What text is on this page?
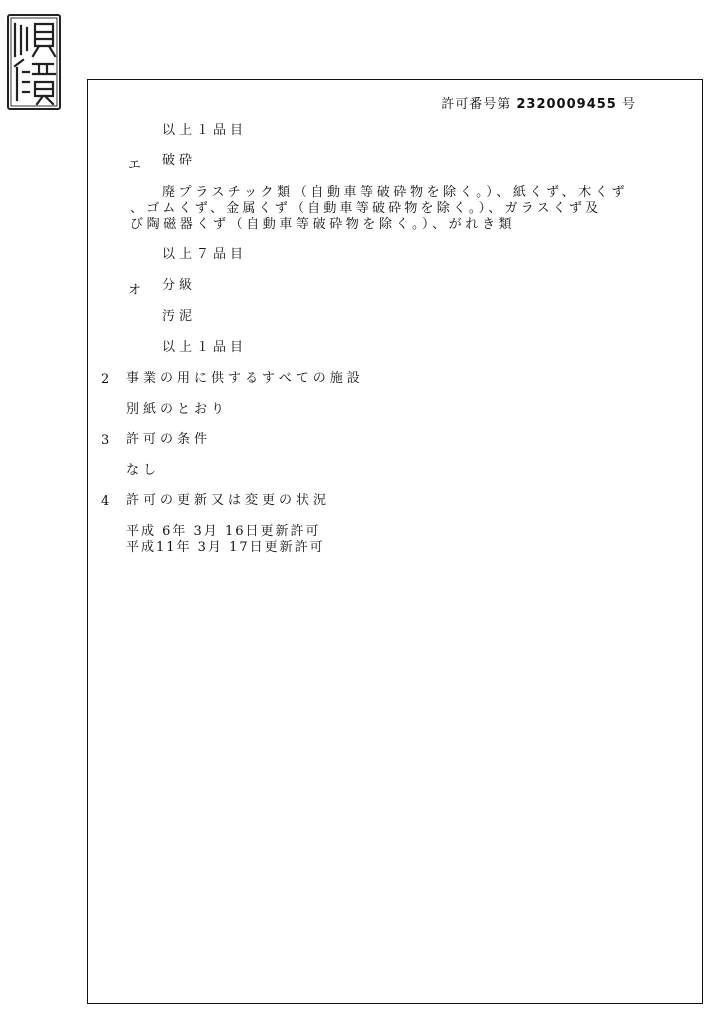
許可番号第 2320009455 号
以上１品目
エ 破砕
廃プラスチック類（自動車等破砕物を除く。）、紙くず、木くず
、ゴムくず、金属くず（自動車等破砕物を除く。）、ガラスくず及
び陶磁器くず（自動車等破砕物を除く。）、がれき類
以上７品目
オ 分級
汚泥
以上１品目
2 事業の用に供するすべての施設
別紙のとおり
3 許可の条件
なし
4 許可の更新又は変更の状況
平成 6年 3月 16日更新許可
平成11年 3月 17日更新許可
